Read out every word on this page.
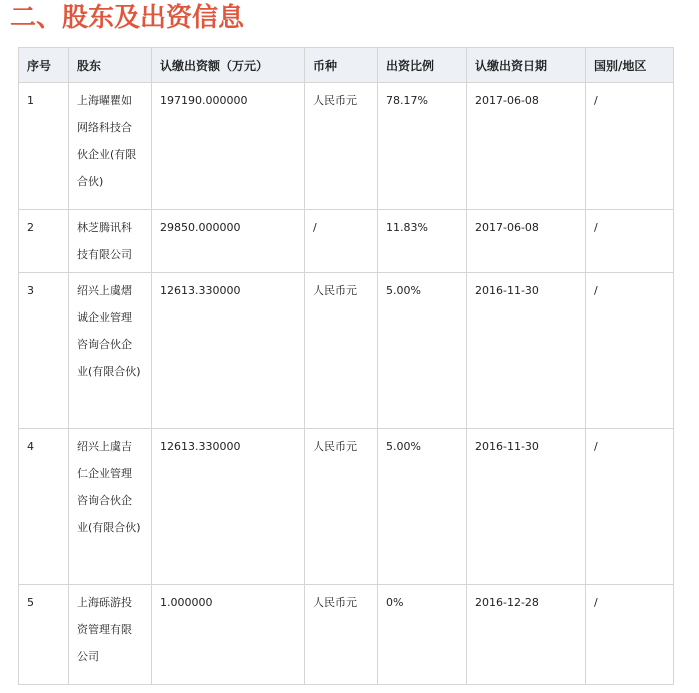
二、股东及出资信息
序号	股东	认缴出资额（万元）	币种	出资比例	认缴出资日期	国别/地区
1	上海曜瞿如
网络科技合
伙企业(有限
合伙)	197190.000000	人民币元	78.17%	2017-06-08	/
2	林芝腾讯科
技有限公司	29850.000000	/	11.83%	2017-06-08	/
3	绍兴上虞熠
诚企业管理
咨询合伙企
业(有限合伙)	12613.330000	人民币元	5.00%	2016-11-30	/
4	绍兴上虞吉
仁企业管理
咨询合伙企
业(有限合伙)	12613.330000	人民币元	5.00%	2016-11-30	/
5	上海砾游投
资管理有限
公司	1.000000	人民币元	0%	2016-12-28	/
